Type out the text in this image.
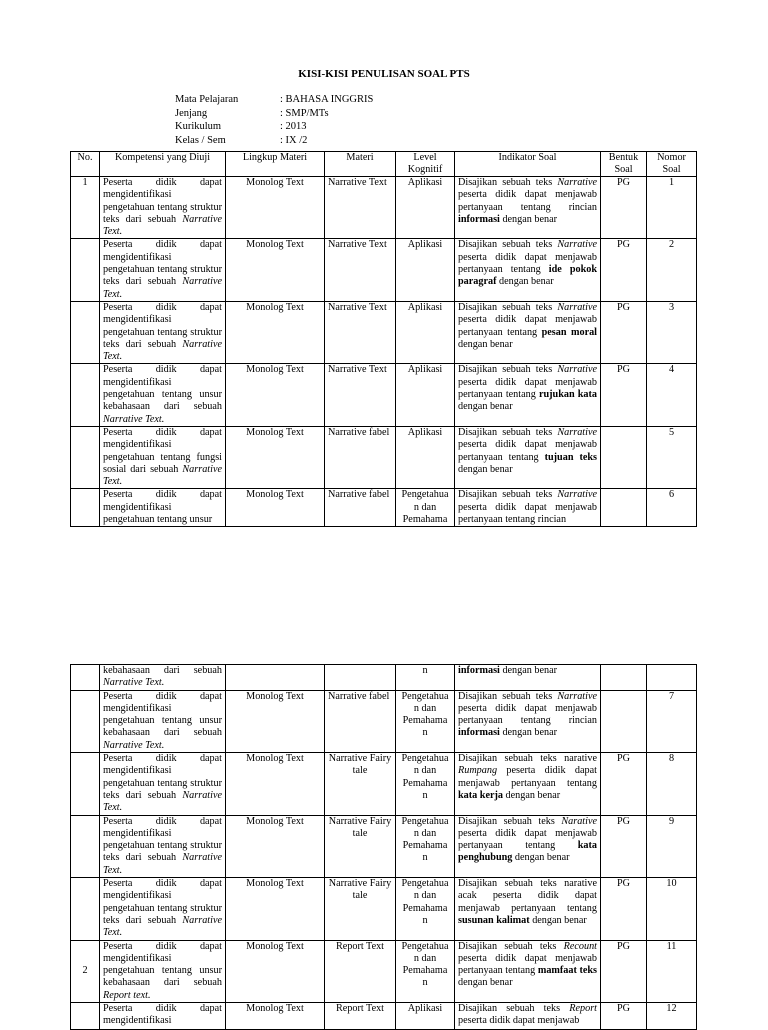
KISI-KISI PENULISAN SOAL PTS
Mata Pelajaran	: BAHASA INGGRIS
Jenjang	: SMP/MTs
Kurikulum	: 2013
Kelas / Sem	: IX /2
No.	Kompetensi yang Diuji	Lingkup Materi	Materi	Level Kognitif	Indikator Soal	Bentuk Soal	Nomor Soal
1	Peserta didik dapat mengidentifikasi pengetahuan tentang struktur teks dari sebuah Narrative Text.	Monolog Text	Narrative Text	Aplikasi	Disajikan sebuah teks Narrative peserta didik dapat menjawab pertanyaan tentang rincian informasi dengan benar	PG	1
	Peserta didik dapat mengidentifikasi pengetahuan tentang struktur teks dari sebuah Narrative Text.	Monolog Text	Narrative Text	Aplikasi	Disajikan sebuah teks Narrative peserta didik dapat menjawab pertanyaan tentang ide pokok paragraf dengan benar	PG	2
	Peserta didik dapat mengidentifikasi pengetahuan tentang struktur teks dari sebuah Narrative Text.	Monolog Text	Narrative Text	Aplikasi	Disajikan sebuah teks Narrative peserta didik dapat menjawab pertanyaan tentang pesan moral dengan benar	PG	3
	Peserta didik dapat mengidentifikasi pengetahuan tentang unsur kebahasaan dari sebuah Narrative Text.	Monolog Text	Narrative Text	Aplikasi	Disajikan sebuah teks Narrative peserta didik dapat menjawab pertanyaan tentang rujukan kata dengan benar	PG	4
	Peserta didik dapat mengidentifikasi pengetahuan tentang fungsi sosial dari sebuah Narrative Text.	Monolog Text	Narrative fabel	Aplikasi	Disajikan sebuah teks Narrative peserta didik dapat menjawab pertanyaan tentang tujuan teks dengan benar		5
	Peserta didik dapat mengidentifikasi pengetahuan tentang unsur	Monolog Text	Narrative fabel	Pengetahua n dan Pemahama	Disajikan sebuah teks Narrative peserta didik dapat menjawab pertanyaan tentang rincian		6
	kebahasaan dari sebuah Narrative Text.			n	informasi dengan benar		
	Peserta didik dapat mengidentifikasi pengetahuan tentang unsur kebahasaan dari sebuah Narrative Text.	Monolog Text	Narrative fabel	Pengetahua n dan Pemahama n	Disajikan sebuah teks Narrative peserta didik dapat menjawab pertanyaan tentang rincian informasi dengan benar		7
	Peserta didik dapat mengidentifikasi pengetahuan tentang struktur teks dari sebuah Narrative Text.	Monolog Text	Narrative Fairy tale	Pengetahua n dan Pemahama n	Disajikan sebuah teks narative Rumpang peserta didik dapat menjawab pertanyaan tentang kata kerja dengan benar	PG	8
	Peserta didik dapat mengidentifikasi pengetahuan tentang struktur teks dari sebuah Narrative Text.	Monolog Text	Narrative Fairy tale	Pengetahua n dan Pemahama n	Disajikan sebuah teks Narative peserta didik dapat menjawab pertanyaan tentang kata penghubung dengan benar	PG	9
	Peserta didik dapat mengidentifikasi pengetahuan tentang struktur teks dari sebuah Narrative Text.	Monolog Text	Narrative Fairy tale	Pengetahua n dan Pemahama n	Disajikan sebuah teks narative acak peserta didik dapat menjawab pertanyaan tentang susunan kalimat dengan benar	PG	10
2	Peserta didik dapat mengidentifikasi pengetahuan tentang unsur kebahasaan dari sebuah Report text.	Monolog Text	Report Text	Pengetahua n dan Pemahama n	Disajikan sebuah teks Recount peserta didik dapat menjawab pertanyaan tentang mamfaat teks dengan benar	PG	11
	Peserta didik dapat mengidentifikasi	Monolog Text	Report Text	Aplikasi	Disajikan sebuah teks Report peserta didik dapat menjawab	PG	12
